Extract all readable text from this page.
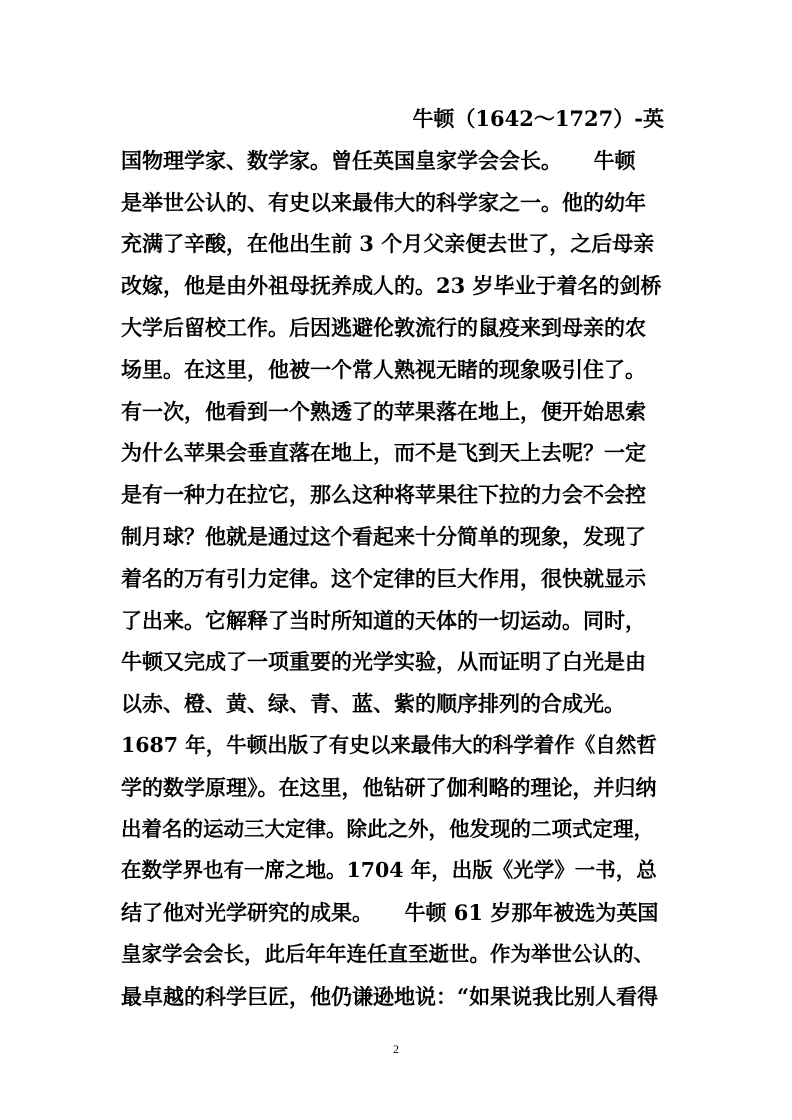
牛顿（1642～1727）-英
国物理学家、数学家。曾任英国皇家学会会长。　　牛顿
是举世公认的、有史以来最伟大的科学家之一。他的幼年
充满了辛酸，在他出生前 3 个月父亲便去世了，之后母亲
改嫁，他是由外祖母抚养成人的。23 岁毕业于着名的剑桥
大学后留校工作。后因逃避伦敦流行的鼠疫来到母亲的农
场里。在这里，他被一个常人熟视无睹的现象吸引住了。
有一次，他看到一个熟透了的苹果落在地上，便开始思索
为什么苹果会垂直落在地上，而不是飞到天上去呢？一定
是有一种力在拉它，那么这种将苹果往下拉的力会不会控
制月球？他就是通过这个看起来十分简单的现象，发现了
着名的万有引力定律。这个定律的巨大作用，很快就显示
了出来。它解释了当时所知道的天体的一切运动。同时，
牛顿又完成了一项重要的光学实验，从而证明了白光是由
以赤、橙、黄、绿、青、蓝、紫的顺序排列的合成光。
1687 年，牛顿出版了有史以来最伟大的科学着作《自然哲
学的数学原理》。在这里，他钻研了伽利略的理论，并归纳
出着名的运动三大定律。除此之外，他发现的二项式定理，
在数学界也有一席之地。1704 年，出版《光学》一书，总
结了他对光学研究的成果。　　牛顿 61 岁那年被选为英国
皇家学会会长，此后年年连任直至逝世。作为举世公认的、
最卓越的科学巨匠，他仍谦逊地说：“如果说我比别人看得
2
